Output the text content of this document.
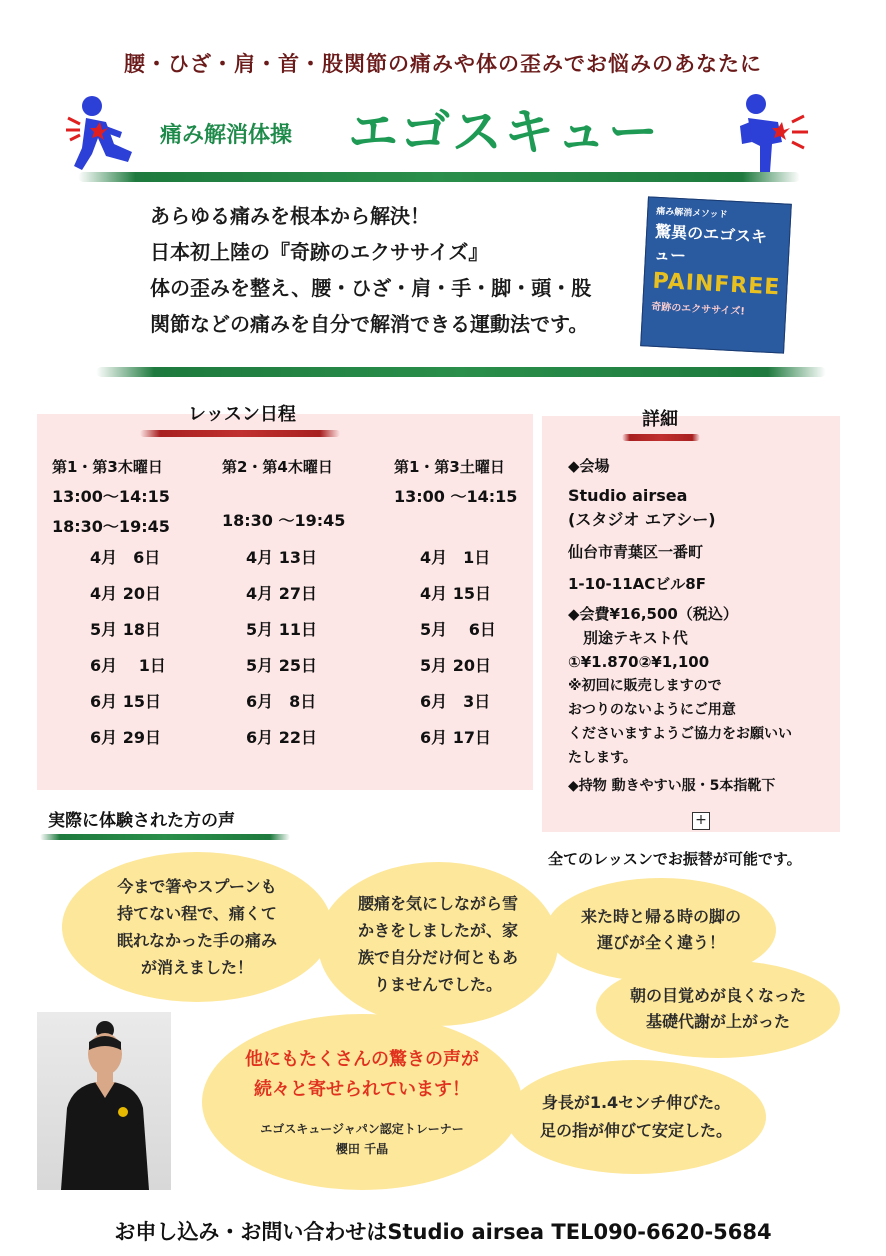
腰・ひざ・肩・首・股関節の痛みや体の歪みでお悩みのあなたに
痛み解消体操 エゴスキュー
あらゆる痛みを根本から解決！
日本初上陸の『奇跡のエクササイズ』
体の歪みを整え、腰・ひざ・肩・手・脚・頭・股
関節などの痛みを自分で解消できる運動法です。
痛み解消メソッド
驚異のエゴスキュー
PAINFREE
奇跡のエクササイズ!
レッスン日程
第1・第3木曜日
13:00〜14:15
18:30〜19:45
4月　6日
4月 20日
5月 18日
6月　 1日
6月 15日
6月 29日
第2・第4木曜日
18:30 〜19:45
4月 13日
4月 27日
5月 11日
5月 25日
6月　8日
6月 22日
第1・第3土曜日
13:00 〜14:15
4月　1日
4月 15日
5月　 6日
5月 20日
6月　3日
6月 17日
詳細
◆会場
Studio airsea
(スタジオ エアシー)
仙台市青葉区一番町
1-10-11ACビル8F
◆会費¥16,500（税込）
　別途テキスト代
①¥1.870②¥1,100
※初回に販売しますので
おつりのないようにご用意
くださいますようご協力をお願いい
たします。
◆持物 動きやすい服・5本指靴下
+
実際に体験された方の声
全てのレッスンでお振替が可能です。
今まで箸やスプーンも
持てない程で、痛くて
眠れなかった手の痛み
が消えました！
腰痛を気にしながら雪
かきをしましたが、家
族で自分だけ何ともあ
りませんでした。
来た時と帰る時の脚の
運びが全く違う！
朝の目覚めが良くなった
基礎代謝が上がった
他にもたくさんの驚きの声が
続々と寄せられています！
エゴスキュージャパン認定トレーナー
櫻田 千晶
身長が1.4センチ伸びた。
足の指が伸びて安定した。
お申し込み・お問い合わせはStudio airsea TEL090-6620-5684
